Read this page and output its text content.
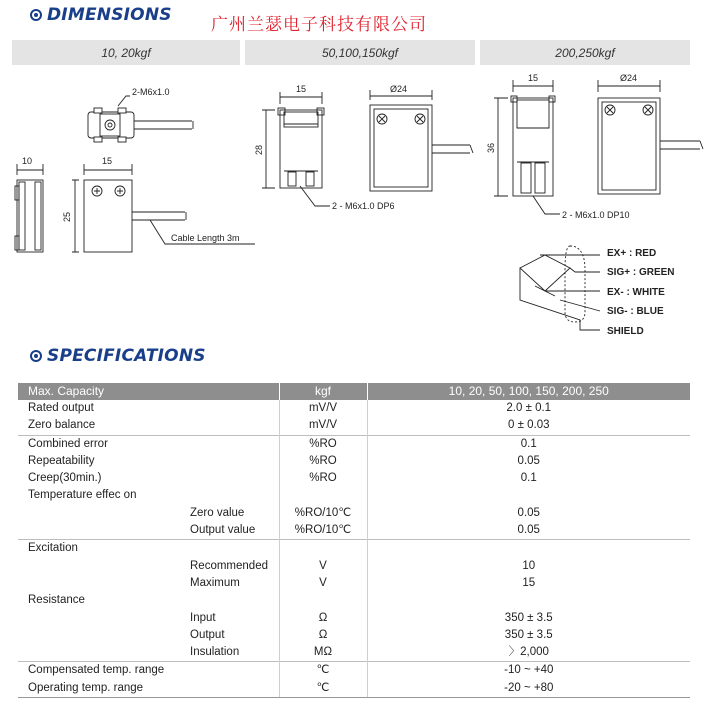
DIMENSIONS 广州兰瑟电子科技有限公司
10, 20kgf	50,100,150kgf	200,250kgf
2-M6x1.0
10	15
25
Cable Length 3m
15
28
2 - M6x1.0 DP6
Ø24
15
36
2 - M6x1.0 DP10
Ø24
EX+ : RED
SIG+ : GREEN
EX- : WHITE
SIG- : BLUE
SHIELD
SPECIFICATIONS
Max. Capacity	kgf	10, 20, 50, 100, 150, 200, 250
Rated output	mV/V	2.0 ± 0.1
Zero balance	mV/V	0 ± 0.03
Combined error	%RO	0.1
Repeatability	%RO	0.05
Creep(30min.)	%RO	0.1
Temperature effec on		
Zero value	%RO/10℃	0.05
Output value	%RO/10℃	0.05
Excitation		
Recommended	V	10
Maximum	V	15
Resistance		
Input	Ω	350 ± 3.5
Output	Ω	350 ± 3.5
Insulation	MΩ	〉2,000
Compensated temp. range	℃	-10 ~ +40
Operating temp. range	℃	-20 ~ +80
